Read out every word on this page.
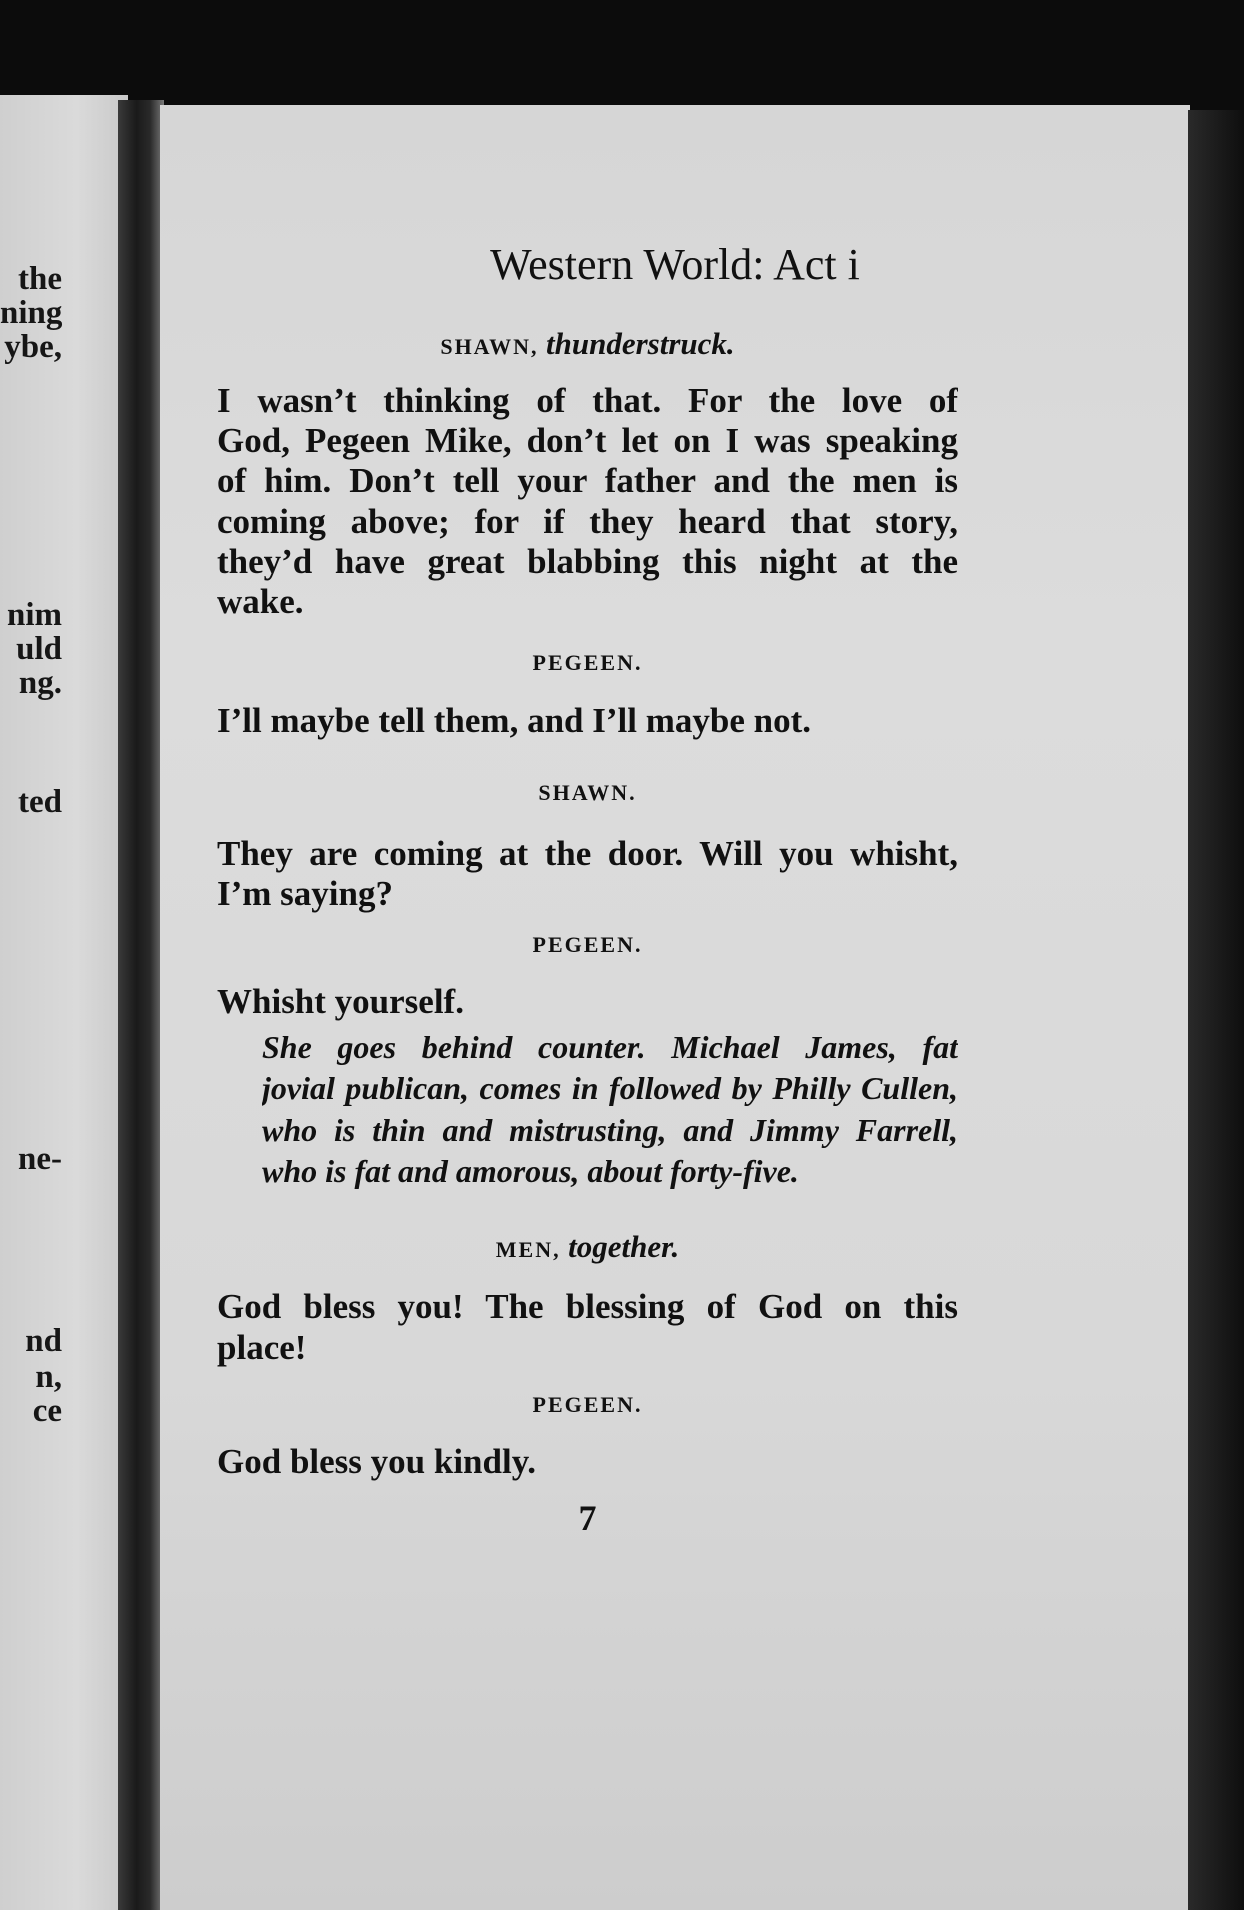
the
ning
ybe,
nim
uld
ng.
ted
ne-
nd
n,
ce
Western World: Act i
SHAWN, thunderstruck.
I wasn’t thinking of that. For the love of
God, Pegeen Mike, don’t let on I was speaking
of him. Don’t tell your father and the men is
coming above; for if they heard that story,
they’d have great blabbing this night at the
wake.
PEGEEN.
I’ll maybe tell them, and I’ll maybe not.
SHAWN.
They are coming at the door. Will you whisht,
I’m saying?
PEGEEN.
Whisht yourself.
She goes behind counter. Michael James, fat
jovial publican, comes in followed by Philly Cullen,
who is thin and mistrusting, and Jimmy Farrell,
who is fat and amorous, about forty-five.
MEN, together.
God bless you! The blessing of God on this
place!
PEGEEN.
God bless you kindly.
7
